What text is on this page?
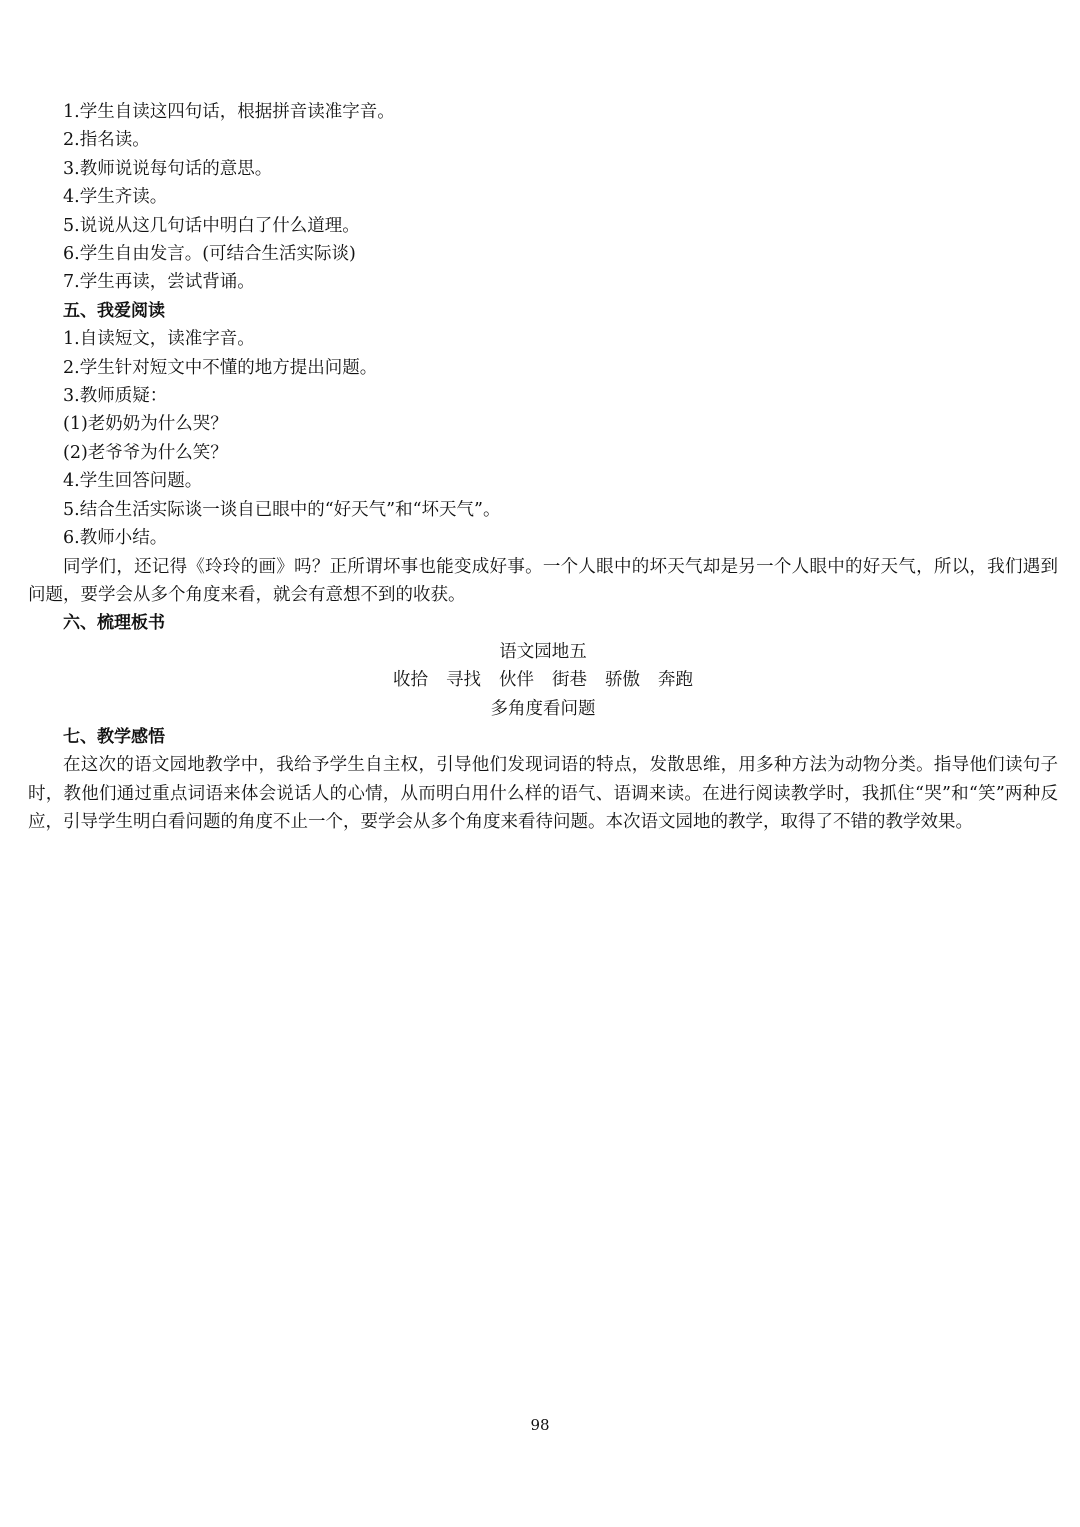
1.学生自读这四句话，根据拼音读准字音。
2.指名读。
3.教师说说每句话的意思。
4.学生齐读。
5.说说从这几句话中明白了什么道理。
6.学生自由发言。(可结合生活实际谈)
7.学生再读，尝试背诵。
五、我爱阅读
1.自读短文，读准字音。
2.学生针对短文中不懂的地方提出问题。
3.教师质疑：
(1)老奶奶为什么哭？
(2)老爷爷为什么笑？
4.学生回答问题。
5.结合生活实际谈一谈自已眼中的“好天气”和“坏天气”。
6.教师小结。
同学们，还记得《玲玲的画》吗？正所谓坏事也能变成好事。一个人眼中的坏天气却是另一个人眼中的好天气，所以，我们遇到问题，要学会从多个角度来看，就会有意想不到的收获。
六、梳理板书
语文园地五
收拾 寻找 伙伴 街巷 骄傲 奔跑
多角度看问题
七、教学感悟
在这次的语文园地教学中，我给予学生自主权，引导他们发现词语的特点，发散思维，用多种方法为动物分类。指导他们读句子时，教他们通过重点词语来体会说话人的心情，从而明白用什么样的语气、语调来读。在进行阅读教学时，我抓住“哭”和“笑”两种反应，引导学生明白看问题的角度不止一个，要学会从多个角度来看待问题。本次语文园地的教学，取得了不错的教学效果。
98
